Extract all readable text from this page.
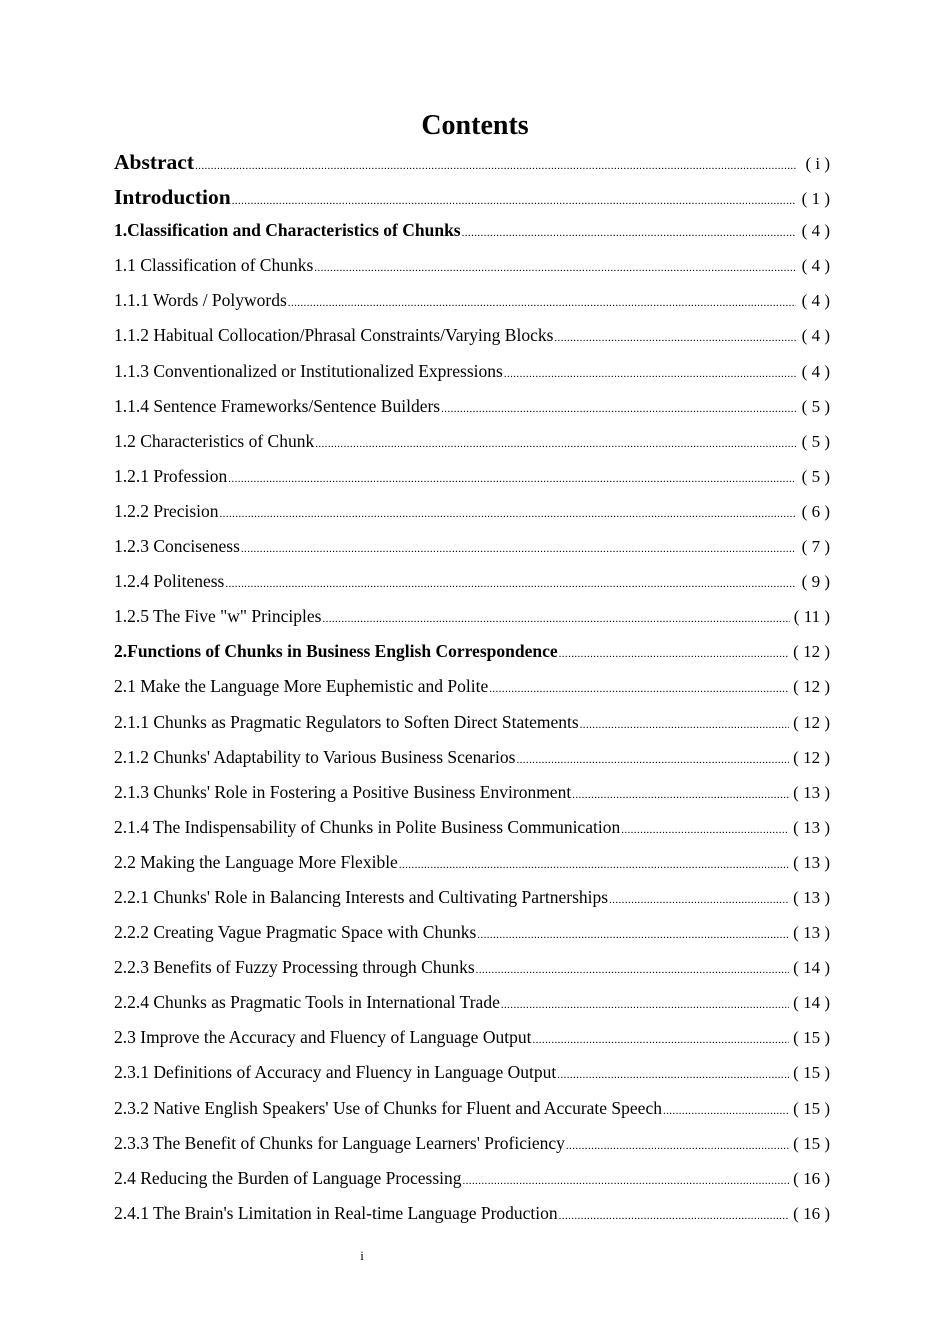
Contents
Abstract .....	( i )
Introduction .....	( 1 )
1.Classification and Characteristics of Chunks .....	( 4 )
1.1 Classification of Chunks .....	( 4 )
1.1.1 Words / Polywords .....	( 4 )
1.1.2 Habitual Collocation/Phrasal Constraints/Varying Blocks .....	( 4 )
1.1.3 Conventionalized or Institutionalized Expressions .....	( 4 )
1.1.4 Sentence Frameworks/Sentence Builders .....	( 5 )
1.2 Characteristics of Chunk .....	( 5 )
1.2.1 Profession .....	( 5 )
1.2.2 Precision .....	( 6 )
1.2.3 Conciseness .....	( 7 )
1.2.4 Politeness .....	( 9 )
1.2.5 The Five "w" Principles .....	( 11 )
2.Functions of Chunks in Business English Correspondence .....	( 12 )
2.1 Make the Language More Euphemistic and Polite .....	( 12 )
2.1.1 Chunks as Pragmatic Regulators to Soften Direct Statements .....	( 12 )
2.1.2 Chunks' Adaptability to Various Business Scenarios .....	( 12 )
2.1.3 Chunks' Role in Fostering a Positive Business Environment .....	( 13 )
2.1.4 The Indispensability of Chunks in Polite Business Communication .....	( 13 )
2.2 Making the Language More Flexible .....	( 13 )
2.2.1 Chunks' Role in Balancing Interests and Cultivating Partnerships .....	( 13 )
2.2.2 Creating Vague Pragmatic Space with Chunks .....	( 13 )
2.2.3 Benefits of Fuzzy Processing through Chunks .....	( 14 )
2.2.4 Chunks as Pragmatic Tools in International Trade .....	( 14 )
2.3 Improve the Accuracy and Fluency of Language Output .....	( 15 )
2.3.1 Definitions of Accuracy and Fluency in Language Output .....	( 15 )
2.3.2 Native English Speakers' Use of Chunks for Fluent and Accurate Speech .....	( 15 )
2.3.3 The Benefit of Chunks for Language Learners' Proficiency .....	( 15 )
2.4 Reducing the Burden of Language Processing .....	( 16 )
2.4.1 The Brain's Limitation in Real-time Language Production .....	( 16 )
i
